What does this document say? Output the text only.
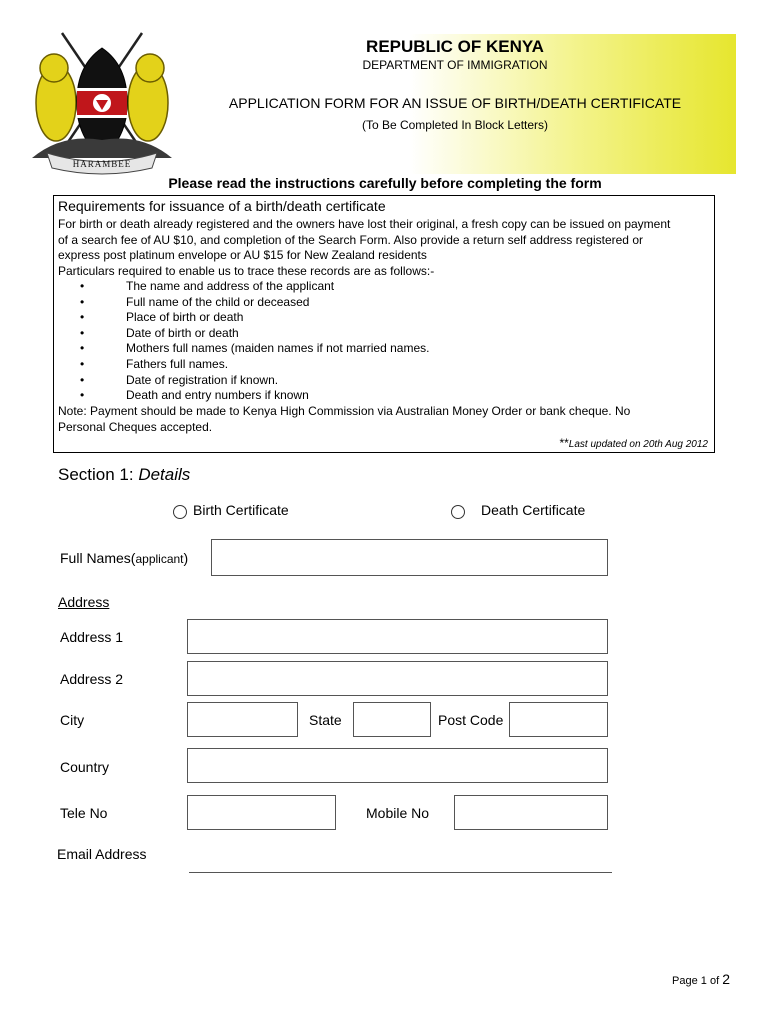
HARAMBEE
REPUBLIC OF KENYA
DEPARTMENT OF IMMIGRATION
APPLICATION FORM FOR AN ISSUE OF BIRTH/DEATH CERTIFICATE
(To Be Completed In Block Letters)
Please read the instructions carefully before completing the form
Requirements for issuance of a birth/death certificate
For birth or death already registered and the owners have lost their original, a fresh copy can be issued on payment
of a search fee of AU $10, and completion of the Search Form. Also provide a return self address registered or
express post platinum envelope or AU $15 for New Zealand residents
Particulars required to enable us to trace these records are as follows:-
•	The name and address of the applicant
•	Full name of the child or deceased
•	Place of birth or death
•	Date of birth or death
•	Mothers full names (maiden names if not married names.
•	Fathers full names.
•	Date of registration if known.
•	Death and entry numbers if known
Note: Payment should be made to Kenya High Commission via Australian Money Order or bank cheque. No
Personal Cheques accepted.
**Last updated on 20th Aug 2012
Section 1: Details
Birth Certificate	Death Certificate
Full Names(applicant)
Address
Address 1
Address 2
City	State	Post Code
Country
Tele No	Mobile No
Email Address
Page 1 of 2
